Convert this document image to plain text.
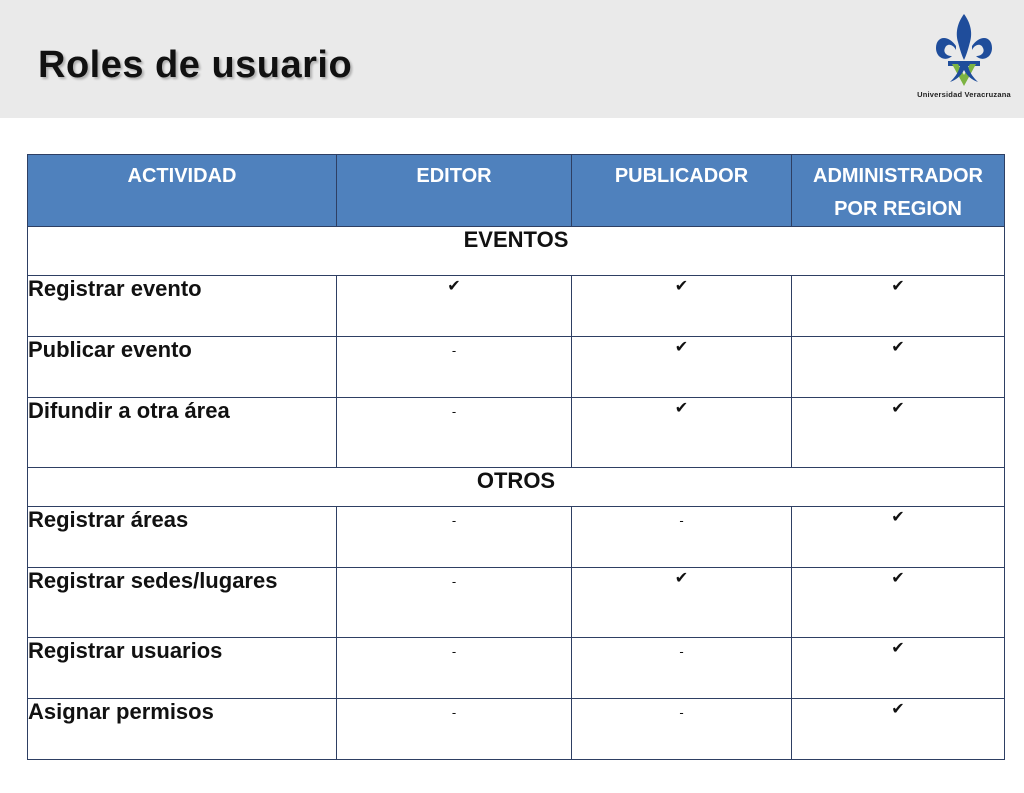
Roles de usuario
Universidad Veracruzana
ACTIVIDAD	EDITOR	PUBLICADOR	ADMINISTRADOR POR REGION
EVENTOS			
Registrar evento	✔	✔	✔
Publicar evento	-	✔	✔
Difundir a otra área	-	✔	✔
OTROS			
Registrar áreas	-	-	✔
Registrar sedes/lugares	-	✔	✔
Registrar usuarios	-	-	✔
Asignar permisos	-	-	✔
